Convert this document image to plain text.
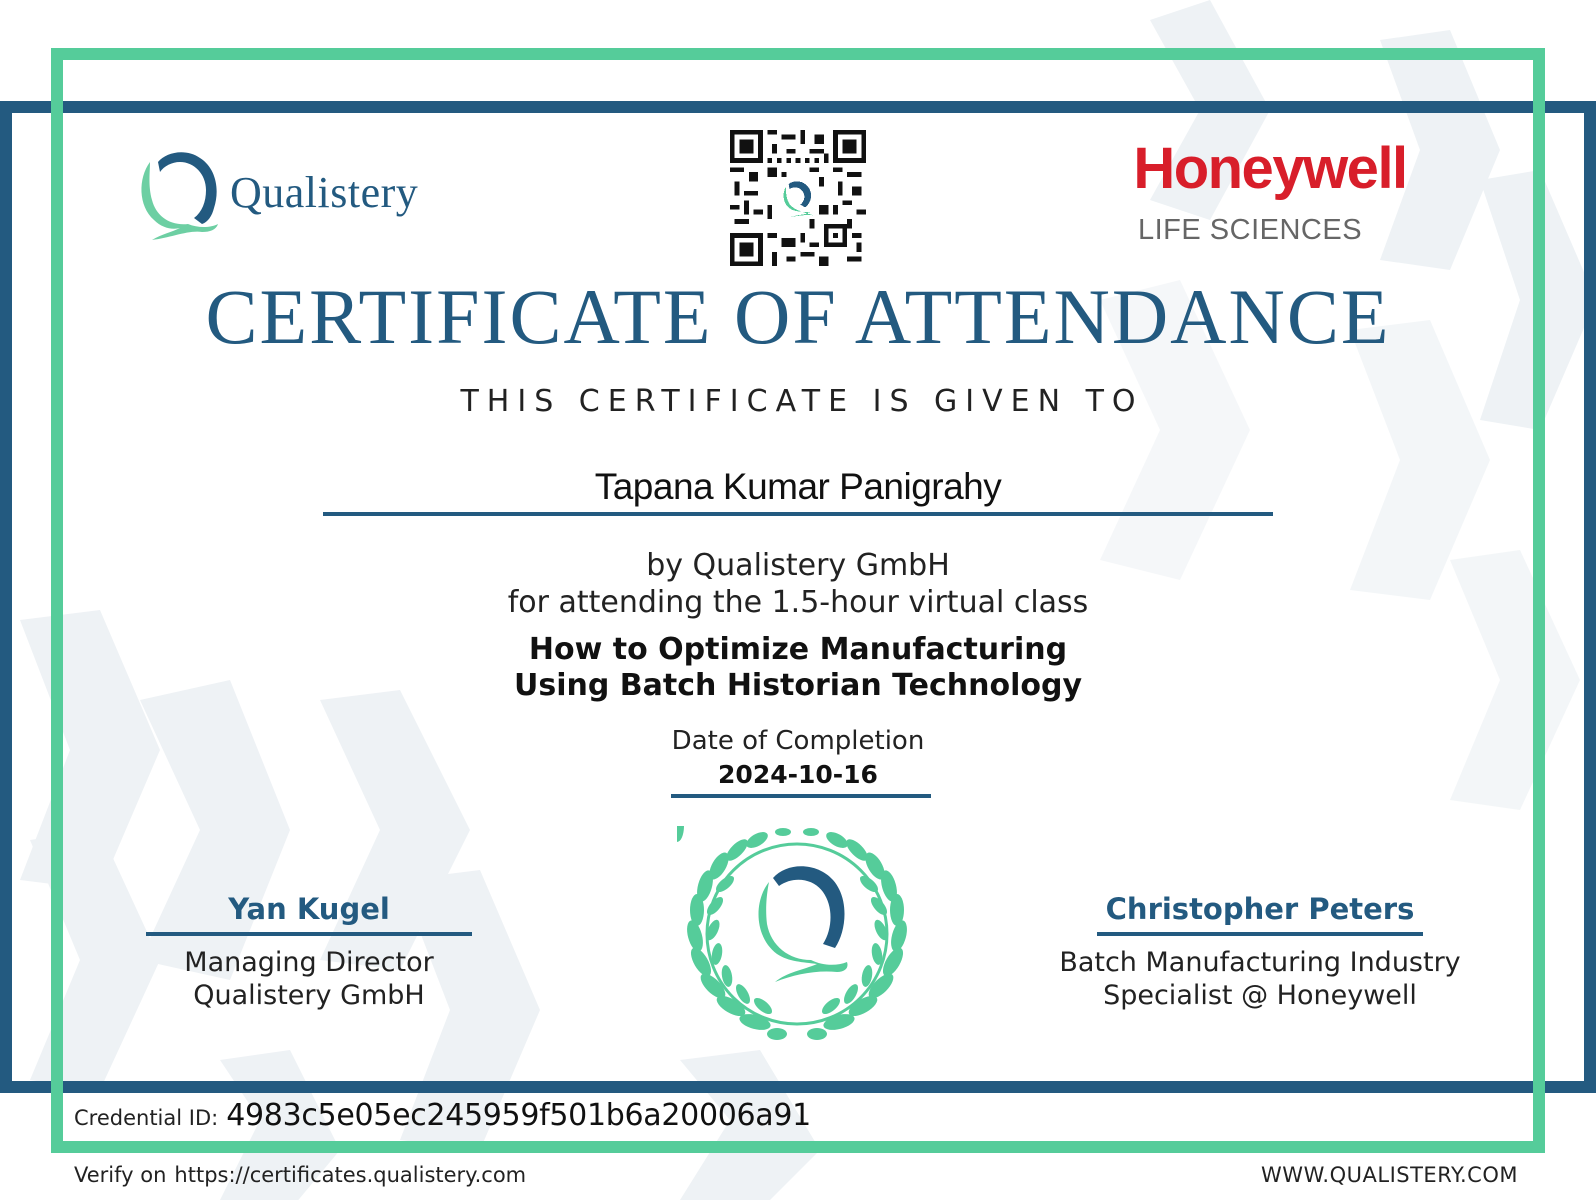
Qualistery	Honeywell
LIFE SCIENCES
CERTIFICATE OF ATTENDANCE
THIS CERTIFICATE IS GIVEN TO
Tapana Kumar Panigrahy
by Qualistery GmbH
for attending the 1.5-hour virtual class
How to Optimize Manufacturing
Using Batch Historian Technology
Date of Completion
2024-10-16
Yan Kugel
Managing Director
Qualistery GmbH
Christopher Peters
Batch Manufacturing Industry
Specialist @ Honeywell
Credential ID: 4983c5e05ec245959f501b6a20006a91
Verify on https://certificates.qualistery.com	WWW.QUALISTERY.COM
